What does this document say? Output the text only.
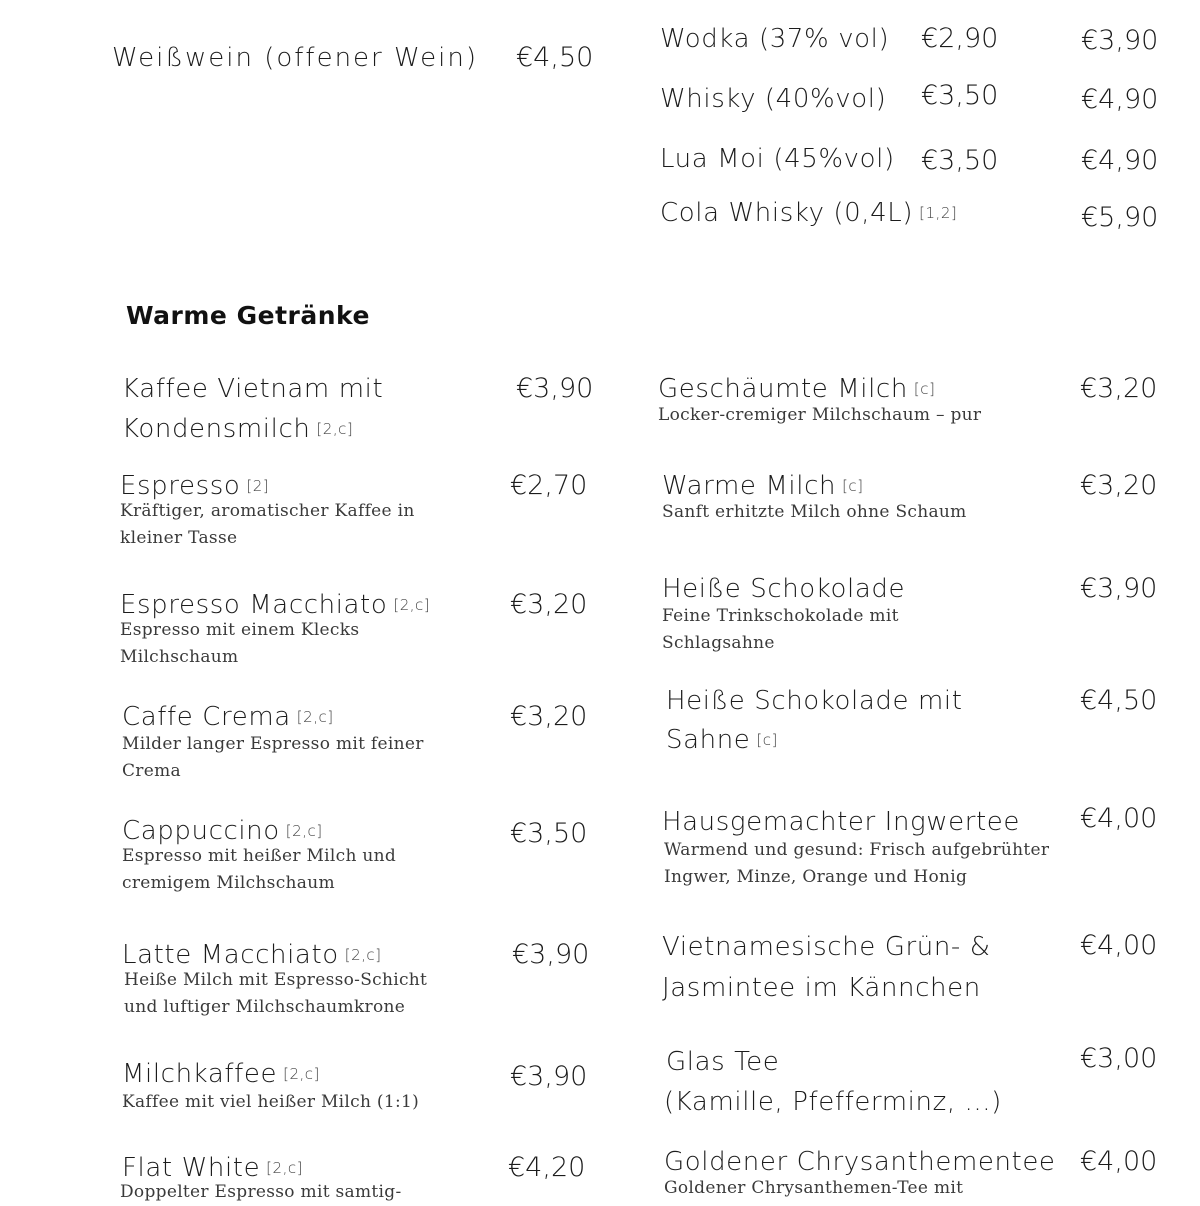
Weißwein (offener Wein) €4,50
Wodka (37% vol) €2,90	€3,90
Whisky (40%vol) €3,50	€4,90
Lua Moi (45%vol) €3,50	€4,90
Cola Whisky (0,4L) [1,2]	€5,90
Warme Getränke
Kaffee Vietnam mit
Kondensmilch [2,c]
€3,90
Espresso [2]	€2,70
Kräftiger, aromatischer Kaffee in kleiner Tasse
Espresso Macchiato [2,c]	€3,20
Espresso mit einem Klecks Milchschaum
Caffe Crema [2,c]	€3,20
Milder langer Espresso mit feiner Crema
Cappuccino [2,c]	€3,50
Espresso mit heißer Milch und cremigem Milchschaum
Latte Macchiato [2,c]	€3,90
Heiße Milch mit Espresso-Schicht und luftiger Milchschaumkrone
Milchkaffee [2,c]	€3,90
Kaffee mit viel heißer Milch (1:1)
Flat White [2,c]	€4,20
Doppelter Espresso mit samtig-
Geschäumte Milch [c]	€3,20
Locker-cremiger Milchschaum – pur
Warme Milch [c]	€3,20
Sanft erhitzte Milch ohne Schaum
Heiße Schokolade	€3,90
Feine Trinkschokolade mit Schlagsahne
Heiße Schokolade mit
Sahne [c]
€4,50
Hausgemachter Ingwertee €4,00
Warmend und gesund: Frisch aufgebrühter
Ingwer, Minze, Orange und Honig
Vietnamesische Grün- &
Jasmintee im Kännchen
€4,00
Glas Tee
(Kamille, Pfefferminz, ...)
€3,00
Goldener Chrysanthementee €4,00
Goldener Chrysanthemen-Tee mit
